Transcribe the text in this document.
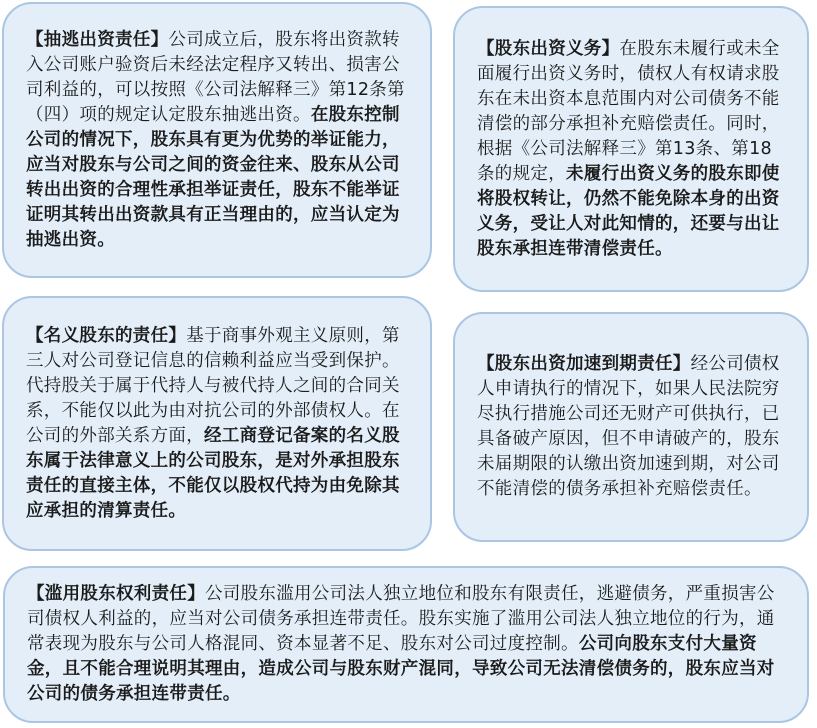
【抽逃出资责任】公司成立后，股东将出资款转入公司账户验资后未经法定程序又转出、损害公司利益的，可以按照《公司法解释三》第12条第（四）项的规定认定股东抽逃出资。在股东控制公司的情况下，股东具有更为优势的举证能力，应当对股东与公司之间的资金往来、股东从公司转出出资的合理性承担举证责任，股东不能举证证明其转出出资款具有正当理由的，应当认定为抽逃出资。

【股东出资义务】在股东未履行或未全面履行出资义务时，债权人有权请求股东在未出资本息范围内对公司债务不能清偿的部分承担补充赔偿责任。同时，根据《公司法解释三》第13条、第18条的规定，未履行出资义务的股东即使将股权转让，仍然不能免除本身的出资义务，受让人对此知情的，还要与出让股东承担连带清偿责任。

【名义股东的责任】基于商事外观主义原则，第三人对公司登记信息的信赖利益应当受到保护。代持股关于属于代持人与被代持人之间的合同关系，不能仅以此为由对抗公司的外部债权人。在公司的外部关系方面，经工商登记备案的名义股东属于法律意义上的公司股东，是对外承担股东责任的直接主体，不能仅以股权代持为由免除其应承担的清算责任。

【股东出资加速到期责任】经公司债权人申请执行的情况下，如果人民法院穷尽执行措施公司还无财产可供执行，已具备破产原因，但不申请破产的，股东未届期限的认缴出资加速到期，对公司不能清偿的债务承担补充赔偿责任。

【滥用股东权利责任】公司股东滥用公司法人独立地位和股东有限责任，逃避债务，严重损害公司债权人利益的，应当对公司债务承担连带责任。股东实施了滥用公司法人独立地位的行为，通常表现为股东与公司人格混同、资本显著不足、股东对公司过度控制。公司向股东支付大量资金，且不能合理说明其理由，造成公司与股东财产混同，导致公司无法清偿债务的，股东应当对公司的债务承担连带责任。
